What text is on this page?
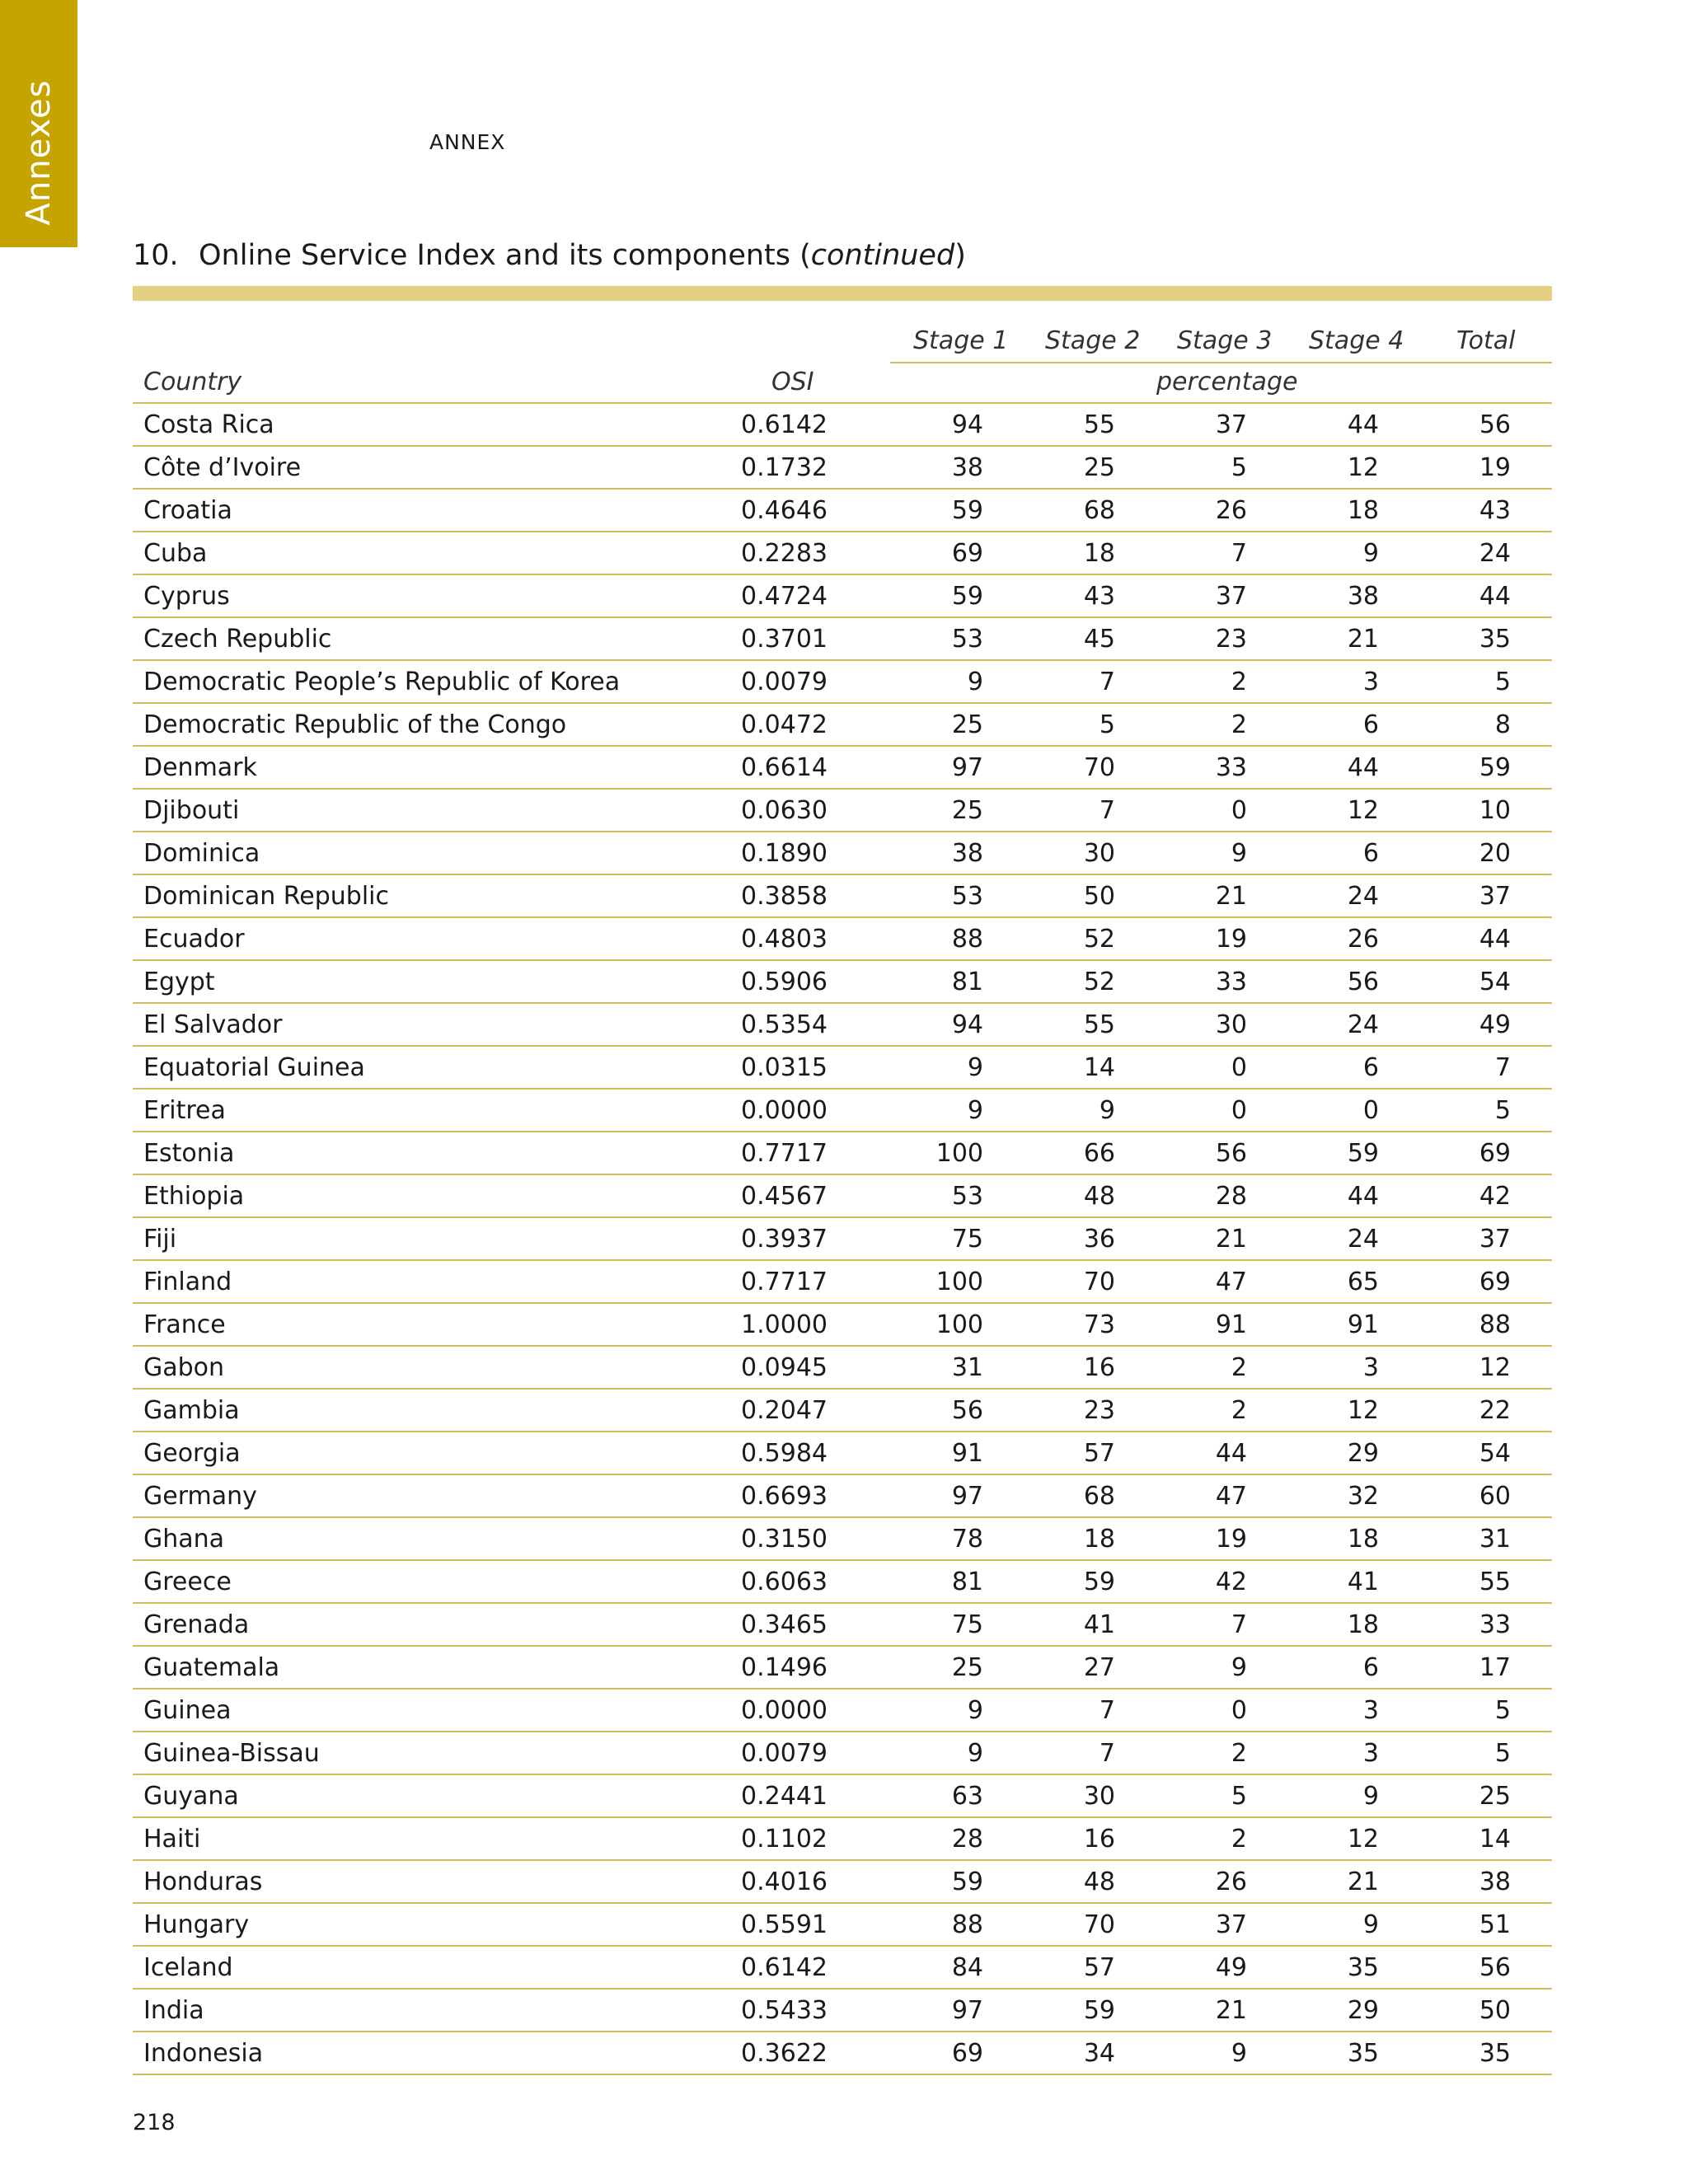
Annexes	ANNEX
10. Online Service Index and its components (continued)
Stage 1 Stage 2 Stage 3 Stage 4 Total
Country	OSI	percentage
Costa Rica	0.6142	94	55	37	44	56
Côte d’Ivoire	0.1732	38	25	5	12	19
Croatia	0.4646	59	68	26	18	43
Cuba	0.2283	69	18	7	9	24
Cyprus	0.4724	59	43	37	38	44
Czech Republic	0.3701	53	45	23	21	35
Democratic People’s Republic of Korea	0.0079	9	7	2	3	5
Democratic Republic of the Congo	0.0472	25	5	2	6	8
Denmark	0.6614	97	70	33	44	59
Djibouti	0.0630	25	7	0	12	10
Dominica	0.1890	38	30	9	6	20
Dominican Republic	0.3858	53	50	21	24	37
Ecuador	0.4803	88	52	19	26	44
Egypt	0.5906	81	52	33	56	54
El Salvador	0.5354	94	55	30	24	49
Equatorial Guinea	0.0315	9	14	0	6	7
Eritrea	0.0000	9	9	0	0	5
Estonia	0.7717	100	66	56	59	69
Ethiopia	0.4567	53	48	28	44	42
Fiji	0.3937	75	36	21	24	37
Finland	0.7717	100	70	47	65	69
France	1.0000	100	73	91	91	88
Gabon	0.0945	31	16	2	3	12
Gambia	0.2047	56	23	2	12	22
Georgia	0.5984	91	57	44	29	54
Germany	0.6693	97	68	47	32	60
Ghana	0.3150	78	18	19	18	31
Greece	0.6063	81	59	42	41	55
Grenada	0.3465	75	41	7	18	33
Guatemala	0.1496	25	27	9	6	17
Guinea	0.0000	9	7	0	3	5
Guinea-Bissau	0.0079	9	7	2	3	5
Guyana	0.2441	63	30	5	9	25
Haiti	0.1102	28	16	2	12	14
Honduras	0.4016	59	48	26	21	38
Hungary	0.5591	88	70	37	9	51
Iceland	0.6142	84	57	49	35	56
India	0.5433	97	59	21	29	50
Indonesia	0.3622	69	34	9	35	35
218
